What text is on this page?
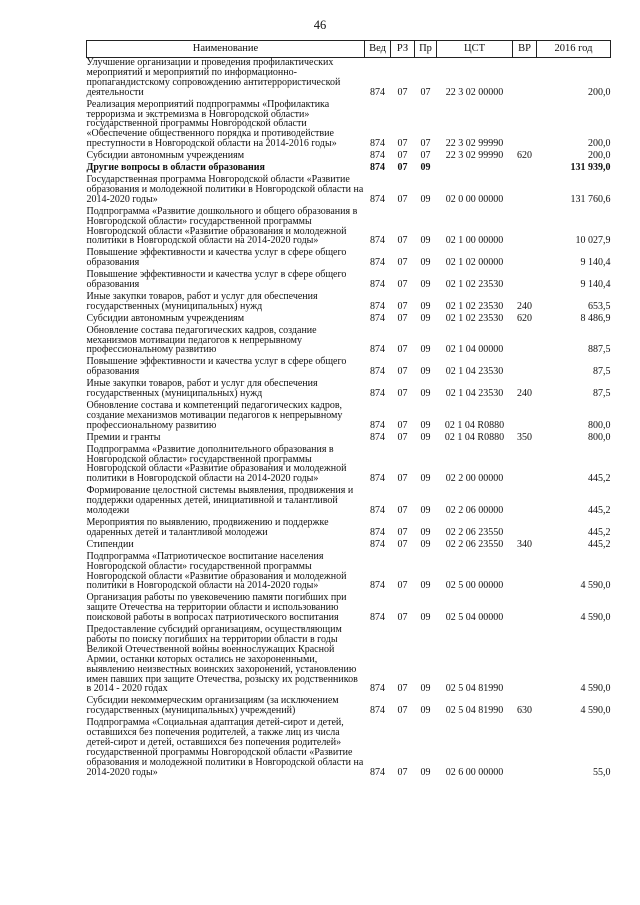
46
Наименование	Вед	РЗ	Пр	ЦСТ	ВР	2016 год
Улучшение организации и проведения профилактических мероприятий и мероприятий по информационно-пропагандистскому сопровождению антитеррористической деятельности	874	07	07	22 3 02 00000		200,0
Реализация мероприятий подпрограммы «Профилактика терроризма и экстремизма в Новгородской области» государственной программы Новгородской области «Обеспечение общественного порядка и противодействие преступности в Новгородской области на 2014-2016 годы»	874	07	07	22 3 02 99990		200,0
Субсидии автономным учреждениям	874	07	07	22 3 02 99990	620	200,0
Другие вопросы в области образования	874	07	09			131 939,0
Государственная программа Новгородской области «Развитие образования и молодежной политики в Новгородской области на 2014-2020 годы»	874	07	09	02 0 00 00000		131 760,6
Подпрограмма «Развитие дошкольного и общего образования в Новгородской области» государственной программы Новгородской области «Развитие образования и молодежной политики в Новгородской области на 2014-2020 годы»	874	07	09	02 1 00 00000		10 027,9
Повышение эффективности и качества услуг в сфере общего образования	874	07	09	02 1 02 00000		9 140,4
Повышение эффективности и качества услуг в сфере общего образования	874	07	09	02 1 02 23530		9 140,4
Иные закупки товаров, работ и услуг для обеспечения государственных (муниципальных) нужд	874	07	09	02 1 02 23530	240	653,5
Субсидии автономным учреждениям	874	07	09	02 1 02 23530	620	8 486,9
Обновление состава педагогических кадров, создание механизмов мотивации педагогов к непрерывному профессиональному развитию	874	07	09	02 1 04 00000		887,5
Повышение эффективности и качества услуг в сфере общего образования	874	07	09	02 1 04 23530		87,5
Иные закупки товаров, работ и услуг для обеспечения государственных (муниципальных) нужд	874	07	09	02 1 04 23530	240	87,5
Обновление состава и компетенций педагогических кадров, создание механизмов мотивации педагогов к непрерывному профессиональному развитию	874	07	09	02 1 04 R0880		800,0
Премии и гранты	874	07	09	02 1 04 R0880	350	800,0
Подпрограмма «Развитие дополнительного образования в Новгородской области» государственной программы Новгородской области «Развитие образования и молодежной политики в Новгородской области на 2014-2020 годы»	874	07	09	02 2 00 00000		445,2
Формирование целостной системы выявления, продвижения и поддержки одаренных детей, инициативной и талантливой молодежи	874	07	09	02 2 06 00000		445,2
Мероприятия по выявлению, продвижению и поддержке одаренных детей и талантливой молодежи	874	07	09	02 2 06 23550		445,2
Стипендии	874	07	09	02 2 06 23550	340	445,2
Подпрограмма «Патриотическое воспитание населения Новгородской области» государственной программы Новгородской области «Развитие образования и молодежной политики в Новгородской области на 2014-2020 годы»	874	07	09	02 5 00 00000		4 590,0
Организация работы по увековечению памяти погибших при защите Отечества на территории области и использованию поисковой работы в вопросах патриотического воспитания	874	07	09	02 5 04 00000		4 590,0
Предоставление субсидий организациям, осуществляющим работы по поиску погибших на территории области в годы Великой Отечественной войны военнослужащих Красной Армии, останки которых остались не захороненными, выявлению неизвестных воинских захоронений, установлению имен павших при защите Отечества, розыску их родственников в 2014 - 2020 годах	874	07	09	02 5 04 81990		4 590,0
Субсидии некоммерческим организациям (за исключением государственных (муниципальных) учреждений)	874	07	09	02 5 04 81990	630	4 590,0
Подпрограмма «Социальная адаптация детей-сирот и детей, оставшихся без попечения родителей, а также лиц из числа детей-сирот и детей, оставшихся без попечения родителей» государственной программы Новгородской области «Развитие образования и молодежной политики в Новгородской области на 2014-2020 годы»	874	07	09	02 6 00 00000		55,0
